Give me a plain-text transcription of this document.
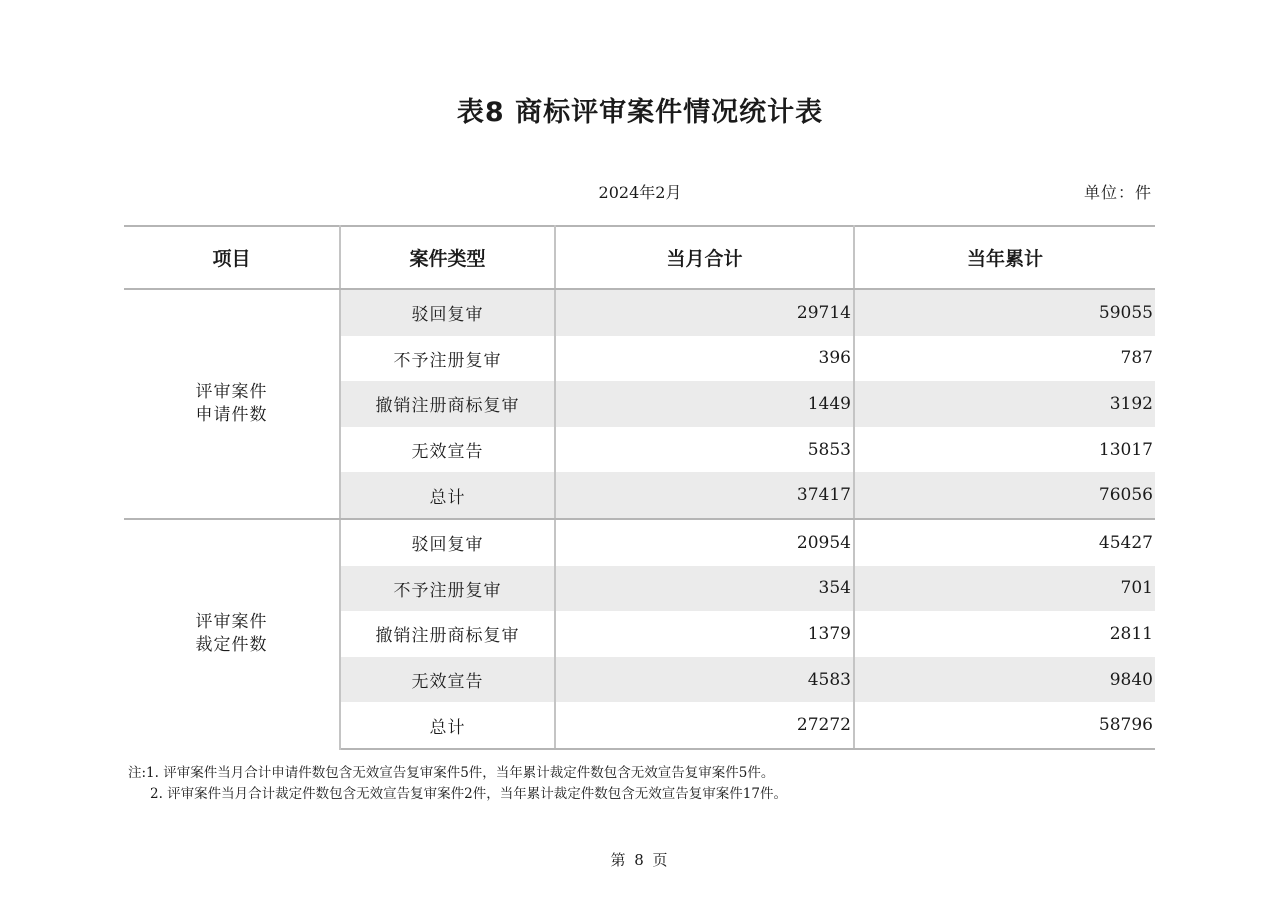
表8 商标评审案件情况统计表
2024年2月	单位：件
项目	案件类型	当月合计	当年累计

评审案件
申请件数	驳回复审	29714	59055
	不予注册复审	396	787
	撤销注册商标复审	1449	3192
	无效宣告	5853	13017
	总计	37417	76056

评审案件
裁定件数	驳回复审	20954	45427
	不予注册复审	354	701
	撤销注册商标复审	1379	2811
	无效宣告	4583	9840
	总计	27272	58796
注:1. 评审案件当月合计申请件数包含无效宣告复审案件5件，当年累计裁定件数包含无效宣告复审案件5件。
2. 评审案件当月合计裁定件数包含无效宣告复审案件2件，当年累计裁定件数包含无效宣告复审案件17件。
第 8 页
